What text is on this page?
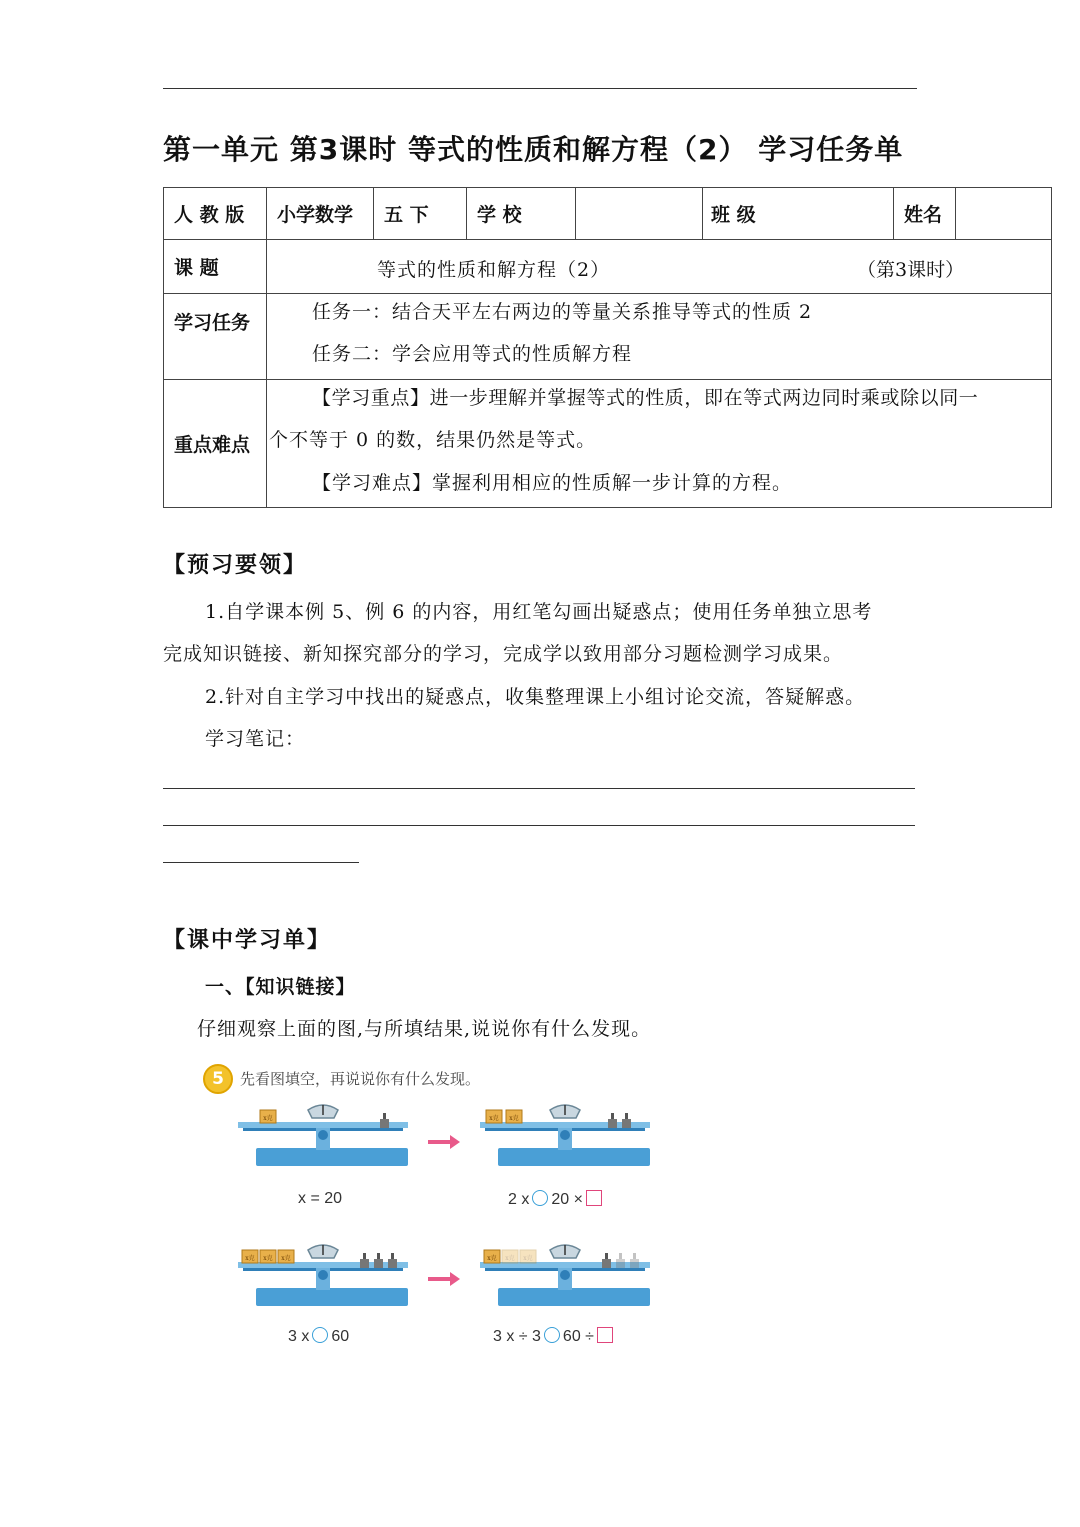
第一单元 第3课时 等式的性质和解方程（2） 学习任务单
人 教 版	小学数学	五 下	学 校		班 级	姓名	
课 题	等式的性质和解方程（2） （第3课时）						

学习任务	任务一：结合天平左右两边的等量关系推导等式的性质 2
任务二：学会应用等式的性质解方程						

重点难点	【学习重点】进一步理解并掌握等式的性质，即在等式两边同时乘或除以同一
个不等于 0 的数，结果仍然是等式。
【学习难点】掌握利用相应的性质解一步计算的方程。						
【预习要领】
1.自学课本例 5、例 6 的内容，用红笔勾画出疑惑点；使用任务单独立思考
完成知识链接、新知探究部分的学习，完成学以致用部分习题检测学习成果。
2.针对自主学习中找出的疑惑点，收集整理课上小组讨论交流，答疑解惑。
学习笔记：
【课中学习单】
一、【知识链接】
仔细观察上面的图,与所填结果,说说你有什么发现。
5	先看图填空，再说说你有什么发现。
x克
x = 20	2 x 20 ×
3 x 60	3 x ÷ 3 60 ÷
